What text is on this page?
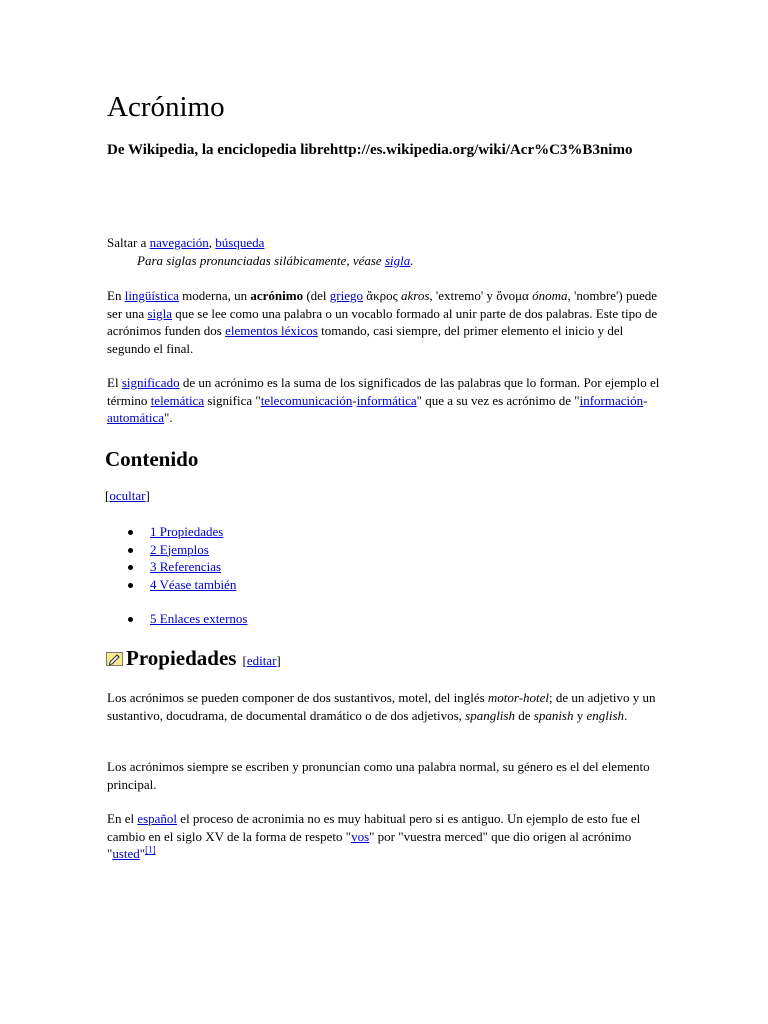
Acrónimo
De Wikipedia, la enciclopedia librehttp://es.wikipedia.org/wiki/Acr%C3%B3nimo
Saltar a navegación, búsqueda
Para siglas pronunciadas silábicamente, véase sigla.

En lingüística moderna, un acrónimo (del griego ἄκρος akros, 'extremo' y ὄνομα ónoma, 'nombre') puede ser una sigla que se lee como una palabra o un vocablo formado al unir parte de dos palabras. Este tipo de acrónimos funden dos elementos léxicos tomando, casi siempre, del primer elemento el inicio y del segundo el final.

El significado de un acrónimo es la suma de los significados de las palabras que lo forman. Por ejemplo el término telemática significa "telecomunicación-informática" que a su vez es acrónimo de "información-automática".

Contenido
[ocultar]
1 Propiedades
2 Ejemplos
3 Referencias
4 Véase también
5 Enlaces externos
Propiedades [editar]

Los acrónimos se pueden componer de dos sustantivos, motel, del inglés motor-hotel; de un adjetivo y un sustantivo, docudrama, de documental dramático o de dos adjetivos, spanglish de spanish y english.

Los acrónimos siempre se escriben y pronuncian como una palabra normal, su género es el del elemento principal.

En el español el proceso de acronimia no es muy habitual pero si es antiguo. Un ejemplo de esto fue el cambio en el siglo XV de la forma de respeto "vos" por "vuestra merced" que dio origen al acrónimo "usted"[1]
